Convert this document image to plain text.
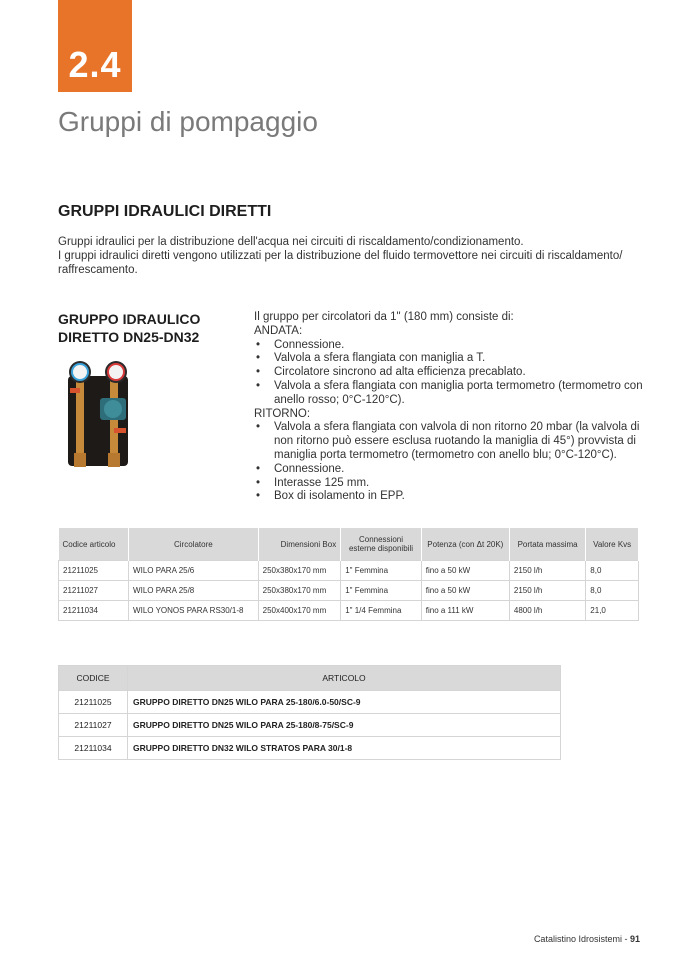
2.4
Gruppi di pompaggio
GRUPPI IDRAULICI DIRETTI

Gruppi idraulici per la distribuzione dell'acqua nei circuiti di riscaldamento/condizionamento.

I gruppi idraulici diretti vengono utilizzati per la distribuzione del fluido termovettore nei circuiti di riscaldamento/ raffrescamento.

GRUPPO IDRAULICO DIRETTO DN25-DN32

Il gruppo per circolatori da 1" (180 mm) consiste di:

ANDATA:

• Connessione.
• Valvola a sfera flangiata con maniglia a T.
• Circolatore sincrono ad alta efficienza precablato.
• Valvola a sfera flangiata con maniglia porta termometro (termometro con anello rosso; 0°C-120°C).

RITORNO:

• Valvola a sfera flangiata con valvola di non ritorno 20 mbar (la valvola di non ritorno può essere esclusa ruotando la maniglia di 45°) provvista di maniglia porta termometro (termometro con anello blu; 0°C-120°C).
• Connessione.
• Interasse 125 mm.
• Box di isolamento in EPP.
Codice articolo	Circolatore	Dimensioni Box	Connessioni esterne disponibili	Potenza (con Δt 20K)	Portata massima	Valore Kvs
21211025	WILO PARA 25/6	250x380x170 mm	1" Femmina	fino a 50 kW	2150 l/h	8,0
21211027	WILO PARA 25/8	250x380x170 mm	1" Femmina	fino a 50 kW	2150 l/h	8,0
21211034	WILO YONOS PARA RS30/1-8	250x400x170 mm	1" 1/4 Femmina	fino a 111 kW	4800 l/h	21,0
CODICE	ARTICOLO
21211025	GRUPPO DIRETTO DN25 WILO PARA 25-180/6.0-50/SC-9
21211027	GRUPPO DIRETTO DN25 WILO PARA 25-180/8-75/SC-9
21211034	GRUPPO DIRETTO DN32 WILO STRATOS PARA 30/1-8
Catalistino Idrosistemi - 91
